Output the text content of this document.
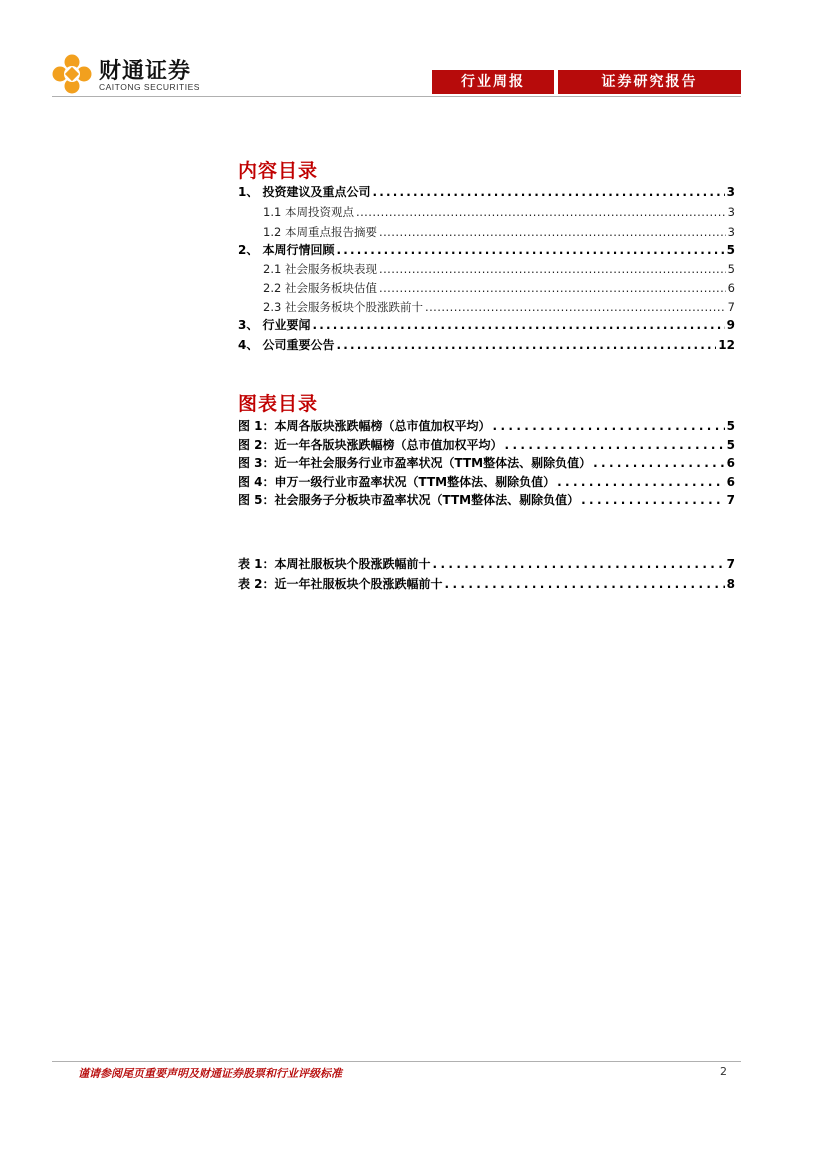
财通证券
CAITONG SECURITIES	行业周报	证券研究报告
内容目录
1、 投资建议及重点公司 . . .	3
1.1 本周投资观点 . . .	3
1.2 本周重点报告摘要 . . .	3
2、 本周行情回顾 . . .	5
2.1 社会服务板块表现 . . .	5
2.2 社会服务板块估值 . . .	6
2.3 社会服务板块个股涨跌前十 . . .	7
3、 行业要闻 . . .	9
4、 公司重要公告 . . .	12
图表目录
图 1：本周各版块涨跌幅榜（总市值加权平均） . . .	5
图 2：近一年各版块涨跌幅榜（总市值加权平均） . . .	5
图 3：近一年社会服务行业市盈率状况（TTM整体法、剔除负值） . . .	6
图 4：申万一级行业市盈率状况（TTM整体法、剔除负值） . . .	6
图 5：社会服务子分板块市盈率状况（TTM整体法、剔除负值） . . .	7
表 1：本周社服板块个股涨跌幅前十 . . .	7
表 2：近一年社服板块个股涨跌幅前十 . . .	8
谨请参阅尾页重要声明及财通证券股票和行业评级标准	2
